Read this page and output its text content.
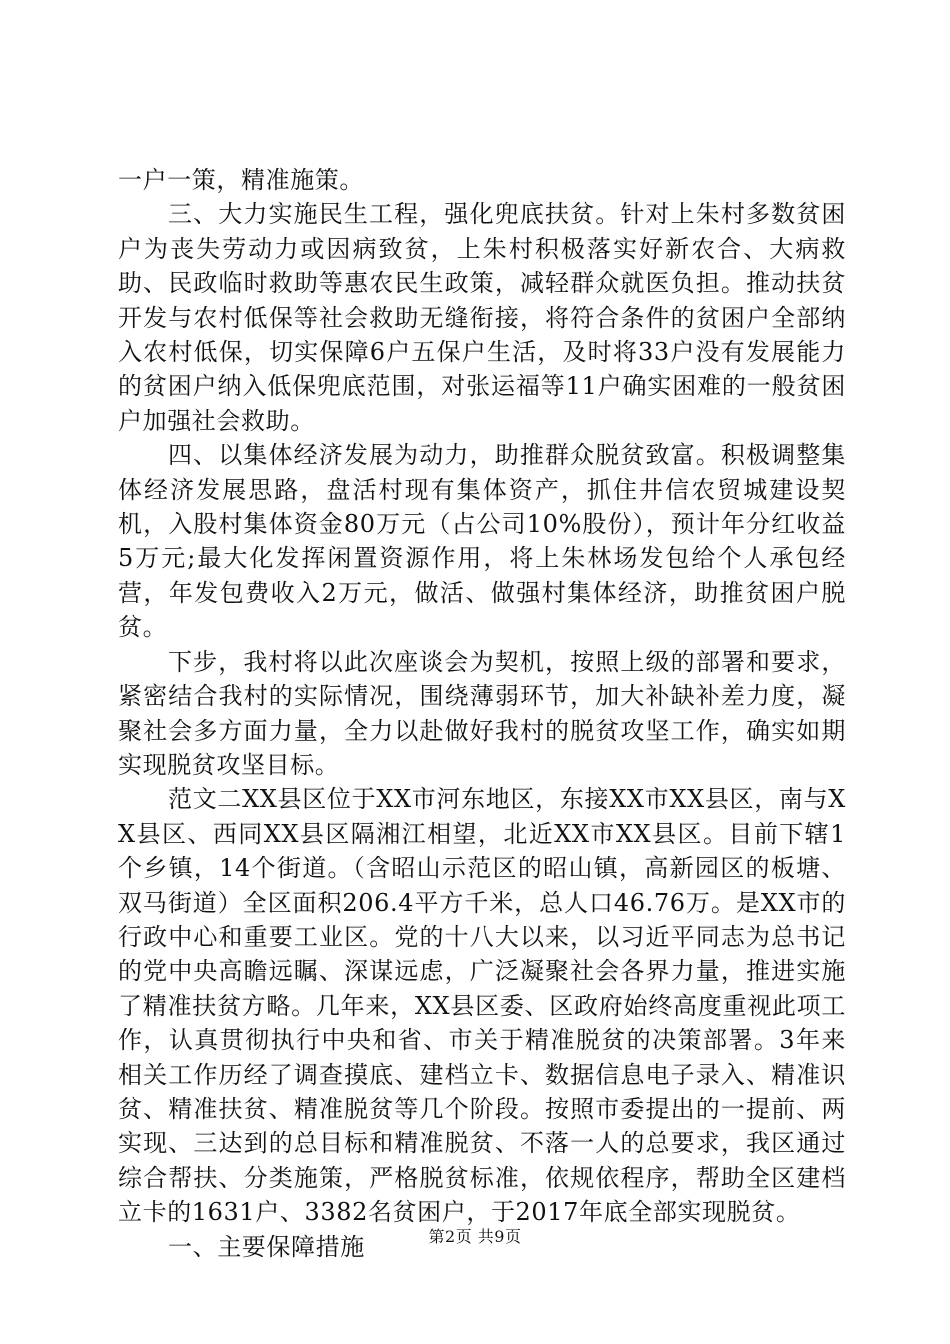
一户一策，精准施策。

三、大力实施民生工程，强化兜底扶贫。针对上朱村多数贫困户为丧失劳动力或因病致贫，上朱村积极落实好新农合、大病救助、民政临时救助等惠农民生政策，减轻群众就医负担。推动扶贫开发与农村低保等社会救助无缝衔接，将符合条件的贫困户全部纳入农村低保，切实保障6户五保户生活，及时将33户没有发展能力的贫困户纳入低保兜底范围，对张运福等11户确实困难的一般贫困户加强社会救助。

四、以集体经济发展为动力，助推群众脱贫致富。积极调整集体经济发展思路，盘活村现有集体资产，抓住井信农贸城建设契机，入股村集体资金80万元（占公司10%股份），预计年分红收益5万元;最大化发挥闲置资源作用，将上朱林场发包给个人承包经营，年发包费收入2万元，做活、做强村集体经济，助推贫困户脱贫。

下步，我村将以此次座谈会为契机，按照上级的部署和要求，紧密结合我村的实际情况，围绕薄弱环节，加大补缺补差力度，凝聚社会多方面力量，全力以赴做好我村的脱贫攻坚工作，确实如期实现脱贫攻坚目标。

范文二XX县区位于XX市河东地区，东接XX市XX县区，南与XX县区、西同XX县区隔湘江相望，北近XX市XX县区。目前下辖1个乡镇，14个街道。（含昭山示范区的昭山镇，高新园区的板塘、双马街道）全区面积206.4平方千米，总人口46.76万。是XX市的行政中心和重要工业区。党的十八大以来，以习近平同志为总书记的党中央高瞻远瞩、深谋远虑，广泛凝聚社会各界力量，推进实施了精准扶贫方略。几年来，XX县区委、区政府始终高度重视此项工作，认真贯彻执行中央和省、市关于精准脱贫的决策部署。3年来相关工作历经了调查摸底、建档立卡、数据信息电子录入、精准识贫、精准扶贫、精准脱贫等几个阶段。按照市委提出的一提前、两实现、三达到的总目标和精准脱贫、不落一人的总要求，我区通过综合帮扶、分类施策，严格脱贫标准，依规依程序，帮助全区建档立卡的1631户、3382名贫困户，于2017年底全部实现脱贫。

一、主要保障措施	第2页 共9页
